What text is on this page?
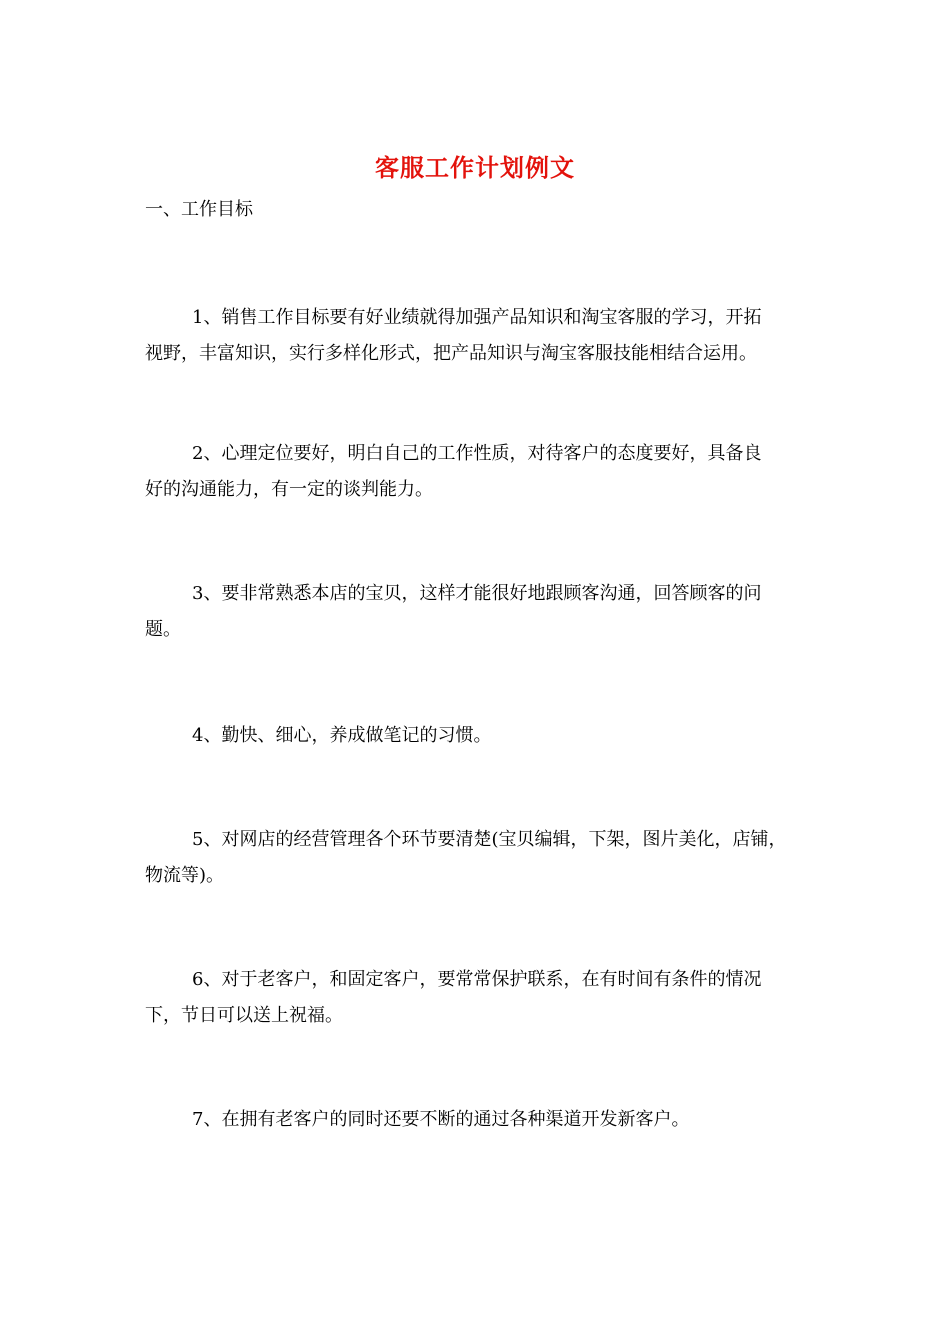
客服工作计划例文

一、工作目标

1、销售工作目标要有好业绩就得加强产品知识和淘宝客服的学习，开拓
视野，丰富知识，实行多样化形式，把产品知识与淘宝客服技能相结合运用。

2、心理定位要好，明白自己的工作性质，对待客户的态度要好，具备良
好的沟通能力，有一定的谈判能力。

3、要非常熟悉本店的宝贝，这样才能很好地跟顾客沟通，回答顾客的问
题。

4、勤快、细心，养成做笔记的习惯。

5、对网店的经营管理各个环节要清楚(宝贝编辑，下架，图片美化，店铺，
物流等)。

6、对于老客户，和固定客户，要常常保护联系，在有时间有条件的情况
下，节日可以送上祝福。

7、在拥有老客户的同时还要不断的通过各种渠道开发新客户。
